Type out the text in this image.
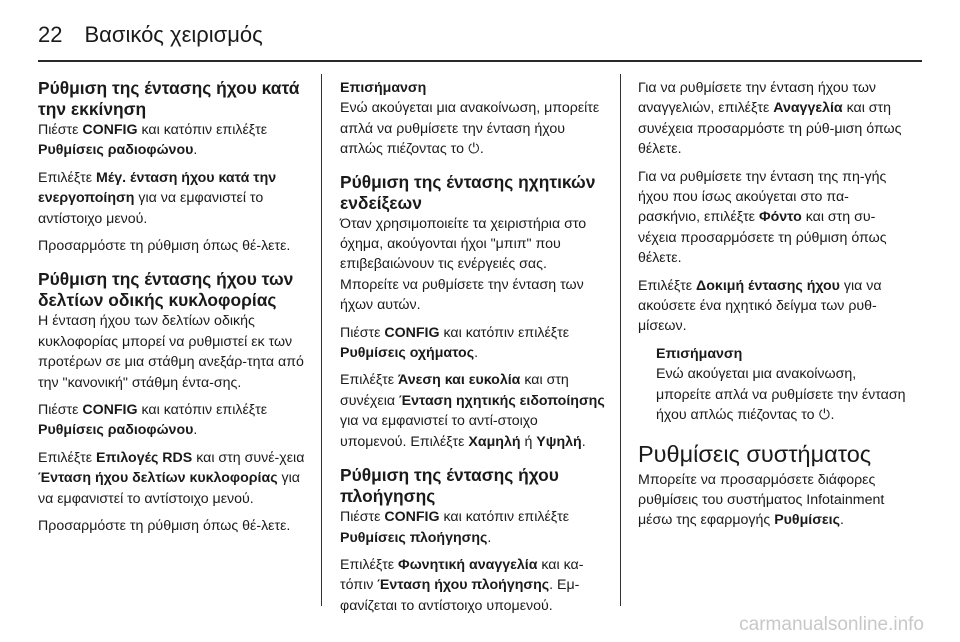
22 Βασικός χειρισμός
Ρύθμιση της έντασης ήχου κατά την εκκίνηση

Πιέστε CONFIG και κατόπιν επιλέξτε Ρυθμίσεις ραδιοφώνου.

Επιλέξτε Μέγ. ένταση ήχου κατά την ενεργοποίηση για να εμφανιστεί το αντίστοιχο μενού.

Προσαρμόστε τη ρύθμιση όπως θέ-λετε.

Ρύθμιση της έντασης ήχου των δελτίων οδικής κυκλοφορίας

Η ένταση ήχου των δελτίων οδικής κυκλοφορίας μπορεί να ρυθμιστεί εκ των προτέρων σε μια στάθμη ανεξάρ-τητα από την "κανονική" στάθμη έντα-σης.

Πιέστε CONFIG και κατόπιν επιλέξτε Ρυθμίσεις ραδιοφώνου.

Επιλέξτε Επιλογές RDS και στη συνέ-χεια Ένταση ήχου δελτίων κυκλοφορίας για να εμφανιστεί το αντίστοιχο μενού.

Προσαρμόστε τη ρύθμιση όπως θέ-λετε.

Επισήμανση
Ενώ ακούγεται μια ανακοίνωση, μπορείτε απλά να ρυθμίσετε την ένταση ήχου απλώς πιέζοντας το ⏻.
Ρύθμιση της έντασης ηχητικών ενδείξεων

Όταν χρησιμοποιείτε τα χειριστήρια στο όχημα, ακούγονται ήχοι "μπιπ" που επιβεβαιώνουν τις ενέργειές σας. Μπορείτε να ρυθμίσετε την ένταση των ήχων αυτών.

Πιέστε CONFIG και κατόπιν επιλέξτε Ρυθμίσεις οχήματος.

Επιλέξτε Άνεση και ευκολία και στη συνέχεια Ένταση ηχητικής ειδοποίησης για να εμφανιστεί το αντί-στοιχο υπομενού. Επιλέξτε Χαμηλή ή Υψηλή.

Ρύθμιση της έντασης ήχου πλοήγησης

Πιέστε CONFIG και κατόπιν επιλέξτε Ρυθμίσεις πλοήγησης.

Επιλέξτε Φωνητική αναγγελία και κα-τόπιν Ένταση ήχου πλοήγησης. Εμ-φανίζεται το αντίστοιχο υπομενού.

Για να ρυθμίσετε την ένταση ήχου των αναγγελιών, επιλέξτε Αναγγελία και στη συνέχεια προσαρμόστε τη ρύθ-μιση όπως θέλετε.

Για να ρυθμίσετε την ένταση της πη-γής ήχου που ίσως ακούγεται στο πα-ρασκήνιο, επιλέξτε Φόντο και στη συ-νέχεια προσαρμόσετε τη ρύθμιση όπως θέλετε.

Επιλέξτε Δοκιμή έντασης ήχου για να ακούσετε ένα ηχητικό δείγμα των ρυθ-μίσεων.

Επισήμανση
Ενώ ακούγεται μια ανακοίνωση, μπορείτε απλά να ρυθμίσετε την ένταση ήχου απλώς πιέζοντας το ⏻.
Ρυθμίσεις συστήματος

Μπορείτε να προσαρμόσετε διάφορες ρυθμίσεις του συστήματος Infotainment μέσω της εφαρμογής Ρυθμίσεις.

carmanualsonline.info
